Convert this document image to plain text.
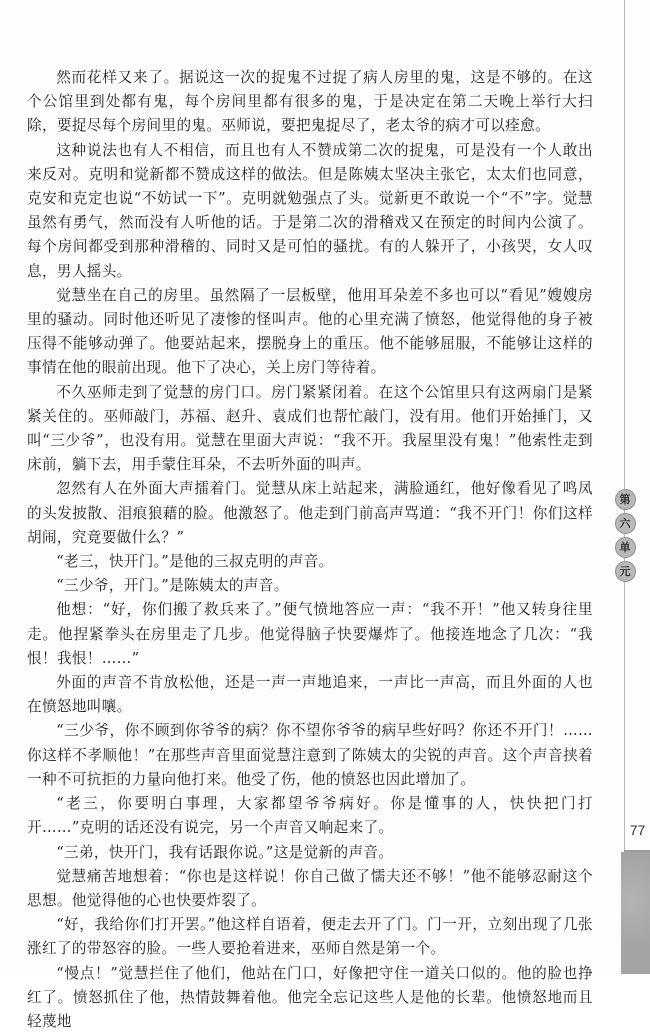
然而花样又来了。据说这一次的捉鬼不过捉了病人房里的鬼，这是不够的。在这个公馆里到处都有鬼，每个房间里都有很多的鬼，于是决定在第二天晚上举行大扫除，要捉尽每个房间里的鬼。巫师说，要把鬼捉尽了，老太爷的病才可以痊愈。

这种说法也有人不相信，而且也有人不赞成第二次的捉鬼，可是没有一个人敢出来反对。克明和觉新都不赞成这样的做法。但是陈姨太坚决主张它，太太们也同意，克安和克定也说“不妨试一下”。克明就勉强点了头。觉新更不敢说一个“不”字。觉慧虽然有勇气，然而没有人听他的话。于是第二次的滑稽戏又在预定的时间内公演了。每个房间都受到那种滑稽的、同时又是可怕的骚扰。有的人躲开了，小孩哭，女人叹息，男人摇头。

觉慧坐在自己的房里。虽然隔了一层板壁，他用耳朵差不多也可以“看见”嫂嫂房里的骚动。同时他还听见了凄惨的怪叫声。他的心里充满了愤怒，他觉得他的身子被压得不能够动弹了。他要站起来，摆脱身上的重压。他不能够屈服，不能够让这样的事情在他的眼前出现。他下了决心，关上房门等待着。

不久巫师走到了觉慧的房门口。房门紧紧闭着。在这个公馆里只有这两扇门是紧紧关住的。巫师敲门，苏福、赵升、袁成们也帮忙敲门，没有用。他们开始捶门，又叫“三少爷”，也没有用。觉慧在里面大声说：“我不开。我屋里没有鬼！”他索性走到床前，躺下去，用手蒙住耳朵，不去听外面的叫声。

忽然有人在外面大声擂着门。觉慧从床上站起来，满脸通红，他好像看见了鸣凤的头发披散、泪痕狼藉的脸。他激怒了。他走到门前高声骂道：“我不开门！你们这样胡闹，究竟要做什么？”

“老三，快开门。”是他的三叔克明的声音。

“三少爷，开门。”是陈姨太的声音。

他想：“好，你们搬了救兵来了。”便气愤地答应一声：“我不开！”他又转身往里走。他捏紧拳头在房里走了几步。他觉得脑子快要爆炸了。他接连地念了几次：“我恨！我恨！……”

外面的声音不肯放松他，还是一声一声地追来，一声比一声高，而且外面的人也在愤怒地叫嚷。

“三少爷，你不顾到你爷爷的病？你不望你爷爷的病早些好吗？你还不开门！……你这样不孝顺他！”在那些声音里面觉慧注意到了陈姨太的尖锐的声音。这个声音挟着一种不可抗拒的力量向他打来。他受了伤，他的愤怒也因此增加了。

“老三，你要明白事理，大家都望爷爷病好。你是懂事的人，快快把门打开……”克明的话还没有说完，另一个声音又响起来了。

“三弟，快开门，我有话跟你说。”这是觉新的声音。

觉慧痛苦地想着：“你也是这样说！你自己做了懦夫还不够！”他不能够忍耐这个思想。他觉得他的心也快要炸裂了。

“好，我给你们打开罢。”他这样自语着，便走去开了门。门一开，立刻出现了几张涨红了的带怒容的脸。一些人要抢着进来，巫师自然是第一个。

“慢点！”觉慧拦住了他们，他站在门口，好像把守住一道关口似的。他的脸也挣红了。愤怒抓住了他，热情鼓舞着他。他完全忘记这些人是他的长辈。他愤怒地而且轻蔑地

第
六
单
元
77
